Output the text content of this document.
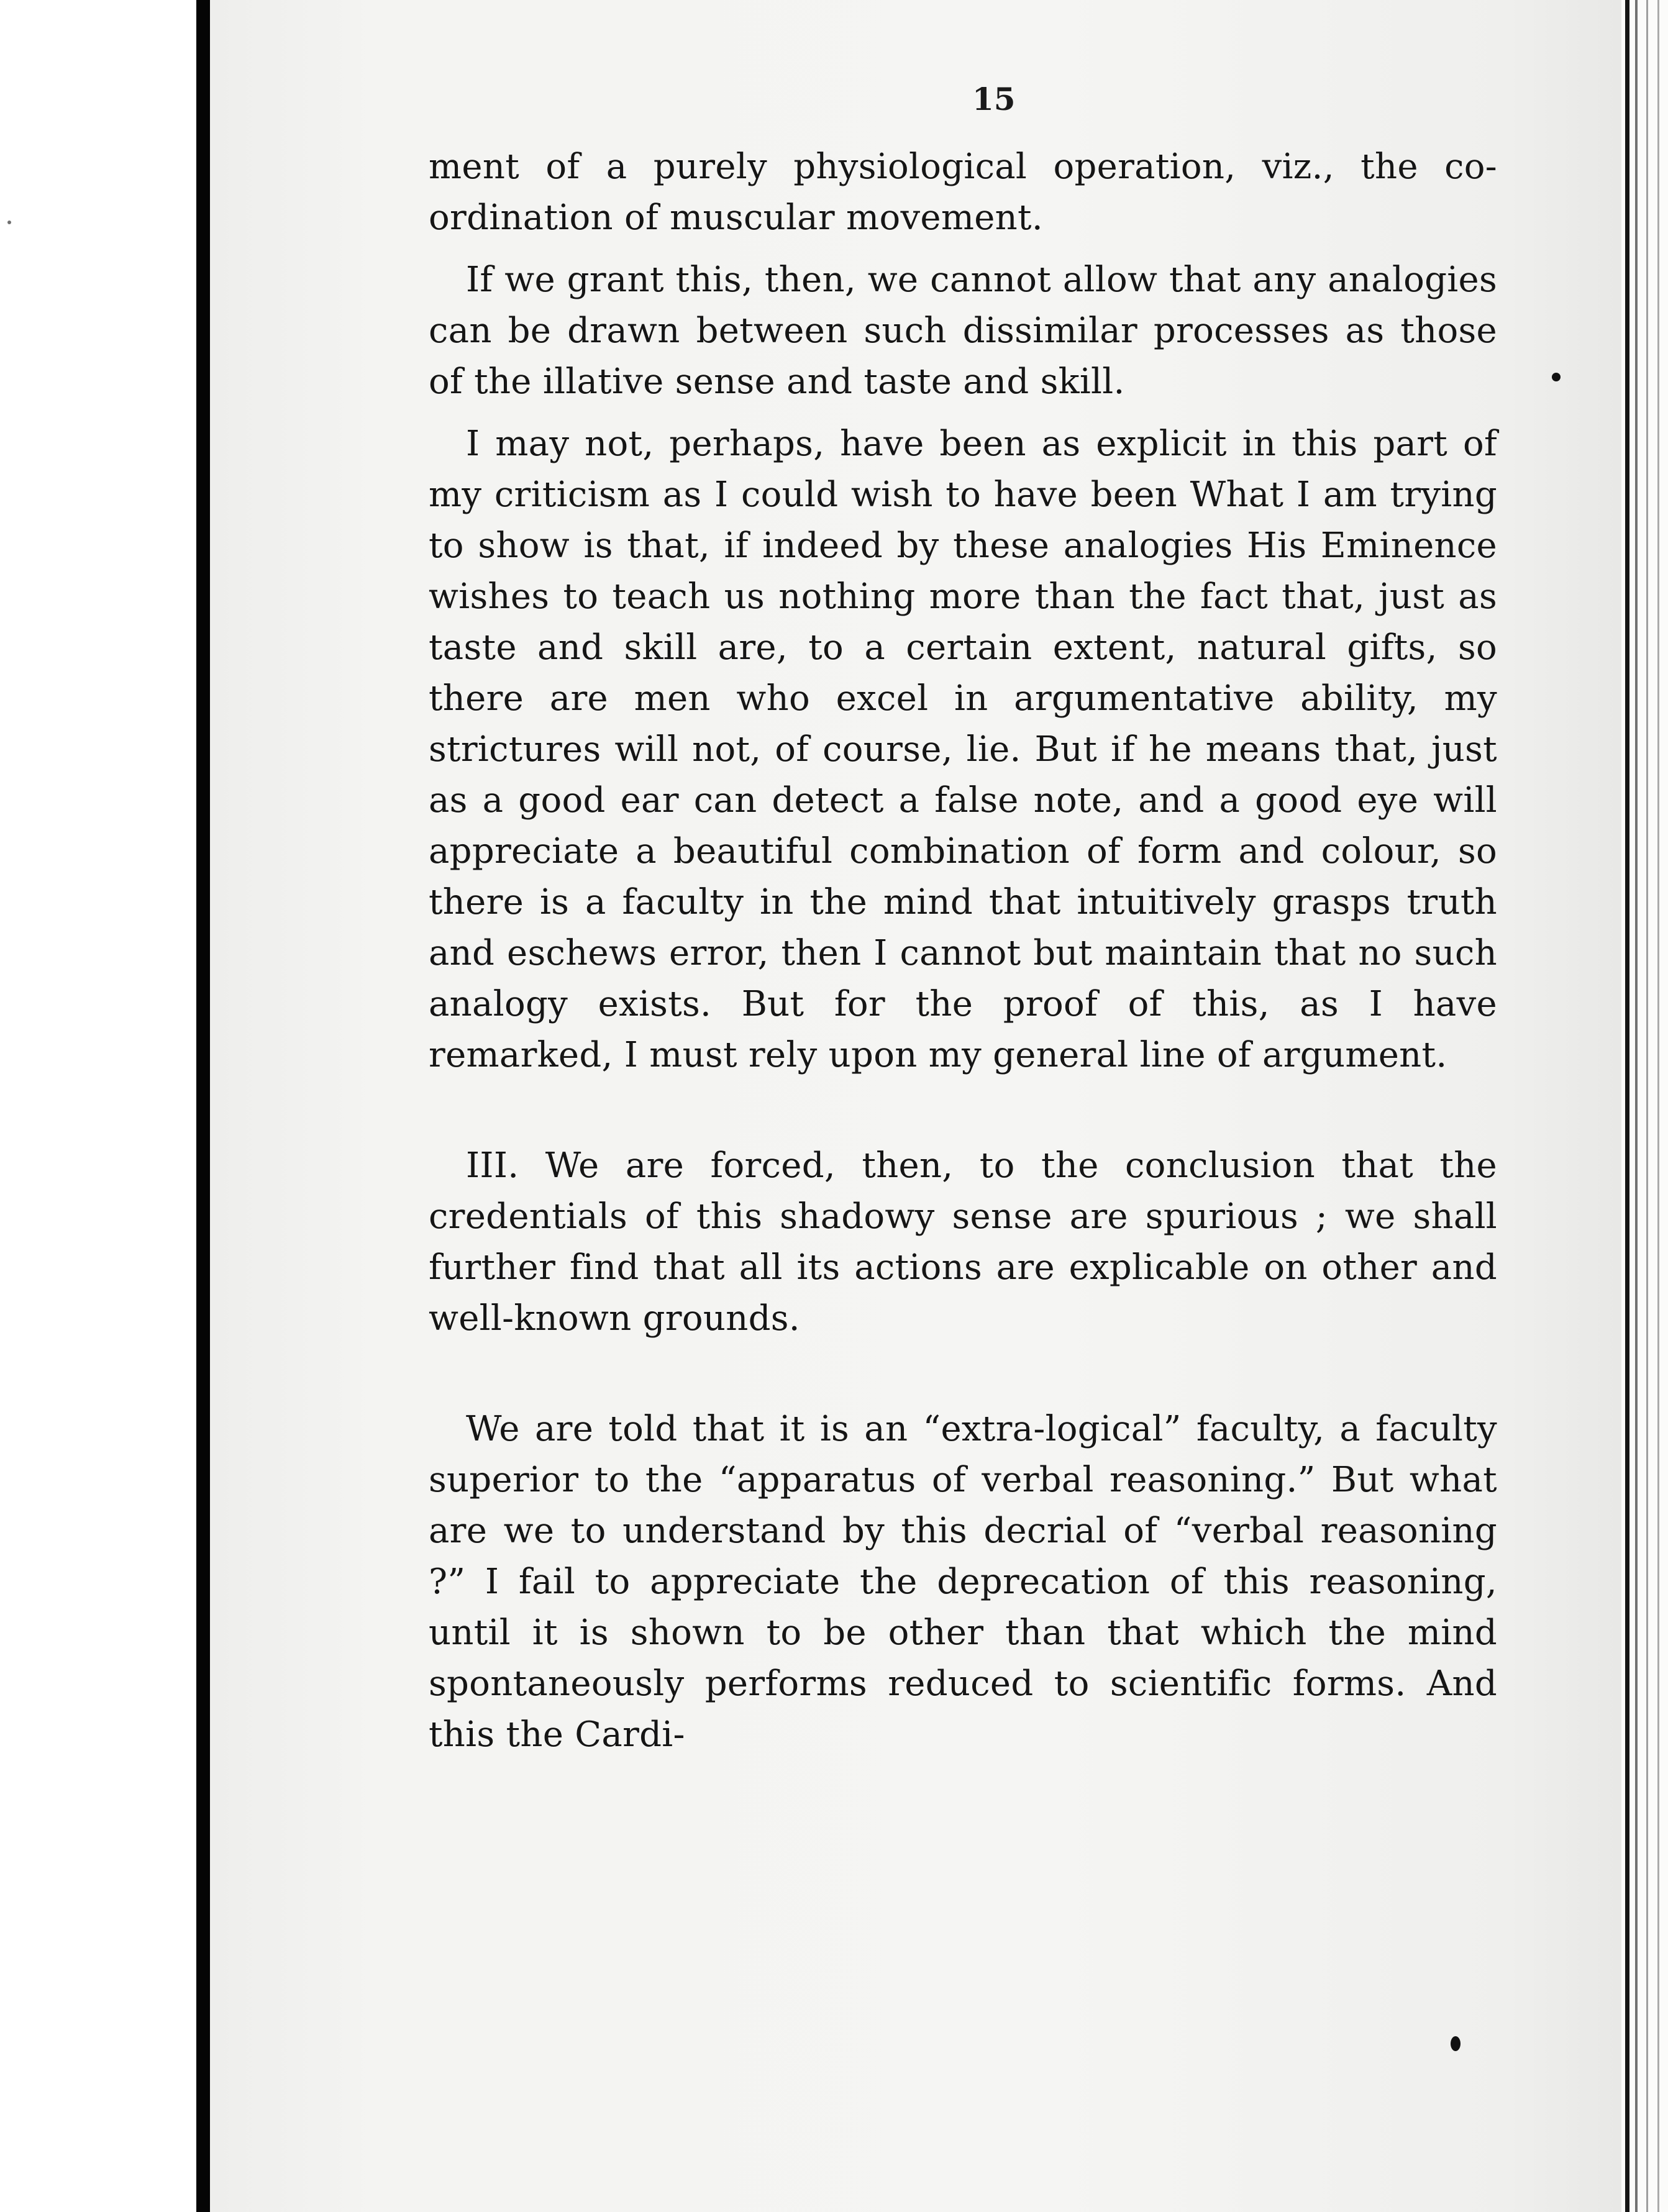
15

ment of a purely physiological operation, viz., the co-ordination of muscular movement.

If we grant this, then, we cannot allow that any analogies can be drawn between such dissimilar processes as those of the illative sense and taste and skill.

I may not, perhaps, have been as explicit in this part of my criticism as I could wish to have been What I am trying to show is that, if indeed by these analogies His Eminence wishes to teach us nothing more than the fact that, just as taste and skill are, to a certain extent, natural gifts, so there are men who excel in argumentative ability, my strictures will not, of course, lie. But if he means that, just as a good ear can detect a false note, and a good eye will appreciate a beautiful combination of form and colour, so there is a faculty in the mind that intuitively grasps truth and eschews error, then I cannot but maintain that no such analogy exists. But for the proof of this, as I have remarked, I must rely upon my general line of argument.

III. We are forced, then, to the conclusion that the credentials of this shadowy sense are spurious ; we shall further find that all its actions are explicable on other and well-known grounds.

We are told that it is an “extra-logical” faculty, a faculty superior to the “apparatus of verbal reasoning.” But what are we to understand by this decrial of “verbal reasoning ?” I fail to appreciate the deprecation of this reasoning, until it is shown to be other than that which the mind spontaneously performs reduced to scientific forms. And this the Cardi-
